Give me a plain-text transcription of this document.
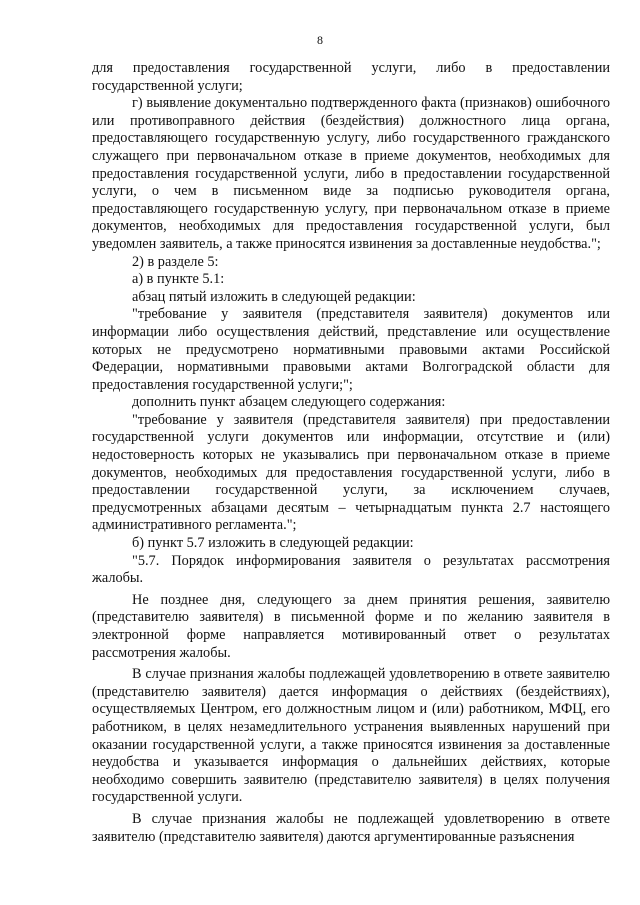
8

для предоставления государственной услуги, либо в предоставлении государственной услуги;

г) выявление документально подтвержденного факта (признаков) ошибочного или противоправного действия (бездействия) должностного лица органа, предоставляющего государственную услугу, либо государственного гражданского служащего при первоначальном отказе в приеме документов, необходимых для предоставления государственной услуги, либо в предоставлении государственной услуги, о чем в письменном виде за подписью руководителя органа, предоставляющего государственную услугу, при первоначальном отказе в приеме документов, необходимых для предоставления государственной услуги, был уведомлен заявитель, а также приносятся извинения за доставленные неудобства.";

2) в разделе 5:

а) в пункте 5.1:

абзац пятый изложить в следующей редакции:

"требование у заявителя (представителя заявителя) документов или информации либо осуществления действий, представление или осуществление которых не предусмотрено нормативными правовыми актами Российской Федерации, нормативными правовыми актами Волгоградской области для предоставления государственной услуги;";

дополнить пункт абзацем следующего содержания:

"требование у заявителя (представителя заявителя) при предоставлении государственной услуги документов или информации, отсутствие и (или) недостоверность которых не указывались при первоначальном отказе в приеме документов, необходимых для предоставления государственной услуги, либо в предоставлении государственной услуги, за исключением случаев, предусмотренных абзацами десятым – четырнадцатым пункта 2.7 настоящего административного регламента.";

б) пункт 5.7 изложить в следующей редакции:

"5.7. Порядок информирования заявителя о результатах рассмотрения жалобы.

Не позднее дня, следующего за днем принятия решения, заявителю (представителю заявителя) в письменной форме и по желанию заявителя в электронной форме направляется мотивированный ответ о результатах рассмотрения жалобы.

В случае признания жалобы подлежащей удовлетворению в ответе заявителю (представителю заявителя) дается информация о действиях (бездействиях), осуществляемых Центром, его должностным лицом и (или) работником, МФЦ, его работником, в целях незамедлительного устранения выявленных нарушений при оказании государственной услуги, а также приносятся извинения за доставленные неудобства и указывается информация о дальнейших действиях, которые необходимо совершить заявителю (представителю заявителя) в целях получения государственной услуги.

В случае признания жалобы не подлежащей удовлетворению в ответе заявителю (представителю заявителя) даются аргументированные разъяснения
